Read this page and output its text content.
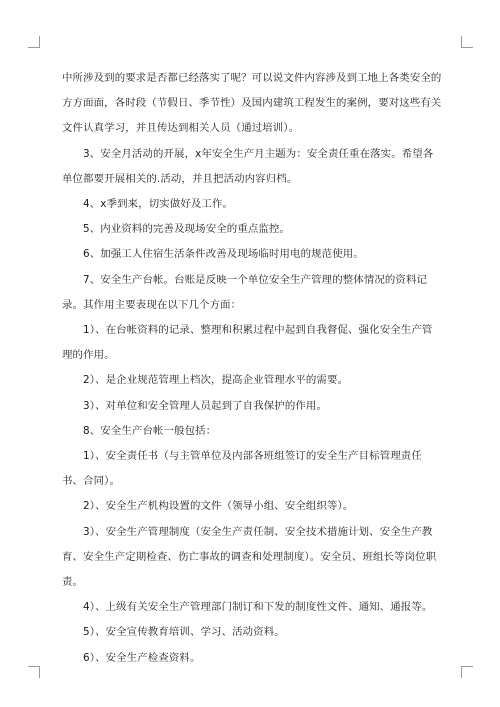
中所涉及到的要求是否都已经落实了呢？可以说文件内容涉及到工地上各类安全的方方面面，各时段（节假日、季节性）及国内建筑工程发生的案例，要对这些有关文件认真学习，并且传达到相关人员（通过培训）。

3、安全月活动的开展，x年安全生产月主题为：安全责任重在落实。希望各单位都要开展相关的.活动，并且把活动内容归档。

4、x季到来，切实做好及工作。

5、内业资料的完善及现场安全的重点监控。

6、加强工人住宿生活条件改善及现场临时用电的规范使用。

7、安全生产台帐。台账是反映一个单位安全生产管理的整体情况的资料记录。其作用主要表现在以下几个方面：

1）、在台帐资料的记录、整理和积累过程中起到自我督促、强化安全生产管理的作用。

2）、是企业规范管理上档次，提高企业管理水平的需要。

3）、对单位和安全管理人员起到了自我保护的作用。

8、安全生产台帐一般包括：

1）、安全责任书（与主管单位及内部各班组签订的安全生产目标管理责任书、合同）。

2）、安全生产机构设置的文件（领导小组、安全组织等）。

3）、安全生产管理制度（安全生产责任制、安全技术措施计划、安全生产教育、安全生产定期检查、伤亡事故的调查和处理制度）。安全员、班组长等岗位职责。

4）、上级有关安全生产管理部门制订和下发的制度性文件、通知、通报等。

5）、安全宣传教育培训、学习、活动资料。

6）、安全生产检查资料。
